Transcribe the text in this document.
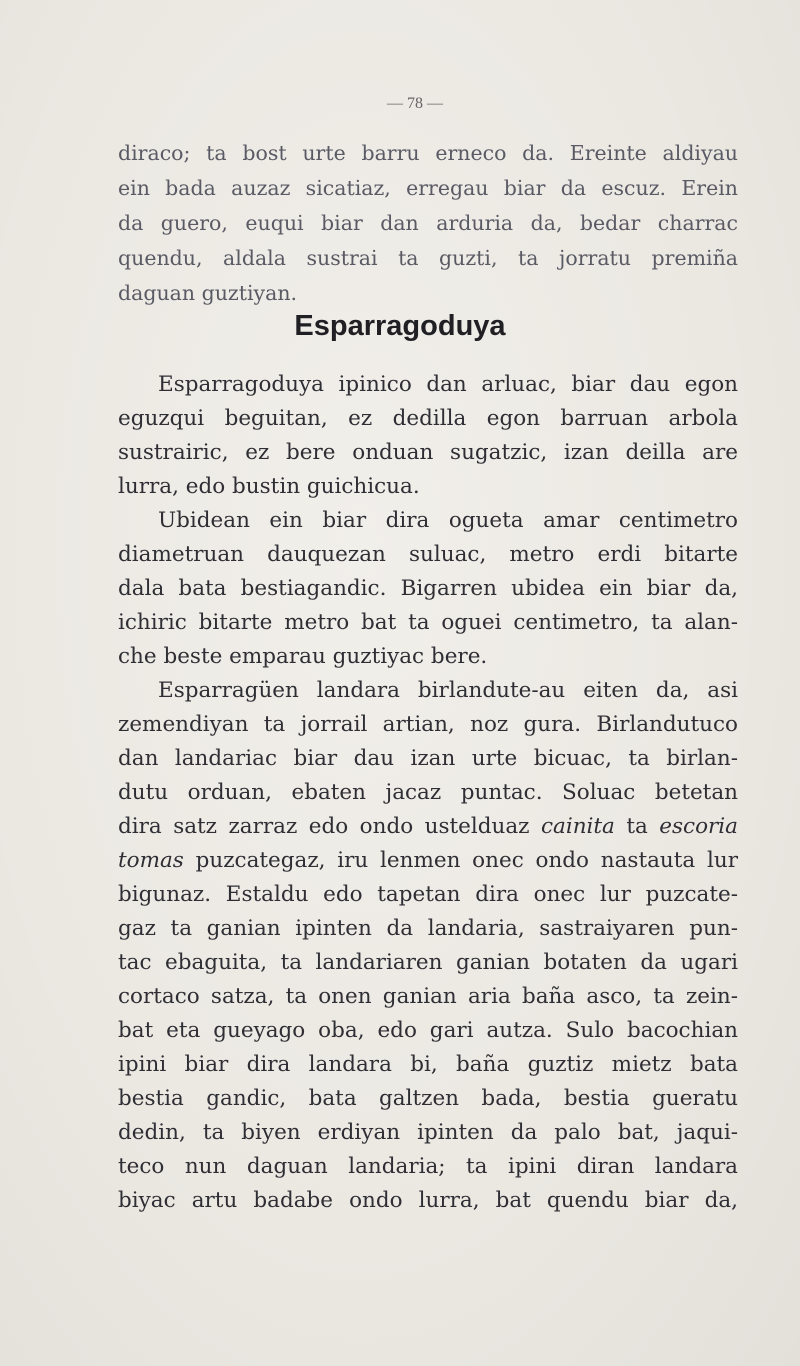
— 78 —
diraco; ta bost urte barru erneco da. Ereinte aldiyau
ein bada auzaz sicatiaz, erregau biar da escuz. Erein
da guero, euqui biar dan arduria da, bedar charrac
quendu, aldala sustrai ta guzti, ta jorratu premiña
daguan guztiyan.
Esparragoduya
Esparragoduya ipinico dan arluac, biar dau egon
eguzqui beguitan, ez dedilla egon barruan arbola
sustrairic, ez bere onduan sugatzic, izan deilla are
lurra, edo bustin guichicua.
Ubidean ein biar dira ogueta amar centimetro
diametruan dauquezan suluac, metro erdi bitarte
dala bata bestiagandic. Bigarren ubidea ein biar da,
ichiric bitarte metro bat ta oguei centimetro, ta alan-
che beste emparau guztiyac bere.
Esparragüen landara birlandute-au eiten da, asi
zemendiyan ta jorrail artian, noz gura. Birlandutuco
dan landariac biar dau izan urte bicuac, ta birlan-
dutu orduan, ebaten jacaz puntac. Soluac betetan
dira satz zarraz edo ondo ustelduaz cainita ta escoria
tomas puzcategaz, iru lenmen onec ondo nastauta lur
bigunaz. Estaldu edo tapetan dira onec lur puzcate-
gaz ta ganian ipinten da landaria, sastraiyaren pun-
tac ebaguita, ta landariaren ganian botaten da ugari
cortaco satza, ta onen ganian aria baña asco, ta zein-
bat eta gueyago oba, edo gari autza. Sulo bacochian
ipini biar dira landara bi, baña guztiz mietz bata
bestia gandic, bata galtzen bada, bestia gueratu
dedin, ta biyen erdiyan ipinten da palo bat, jaqui-
teco nun daguan landaria; ta ipini diran landara
biyac artu badabe ondo lurra, bat quendu biar da,
